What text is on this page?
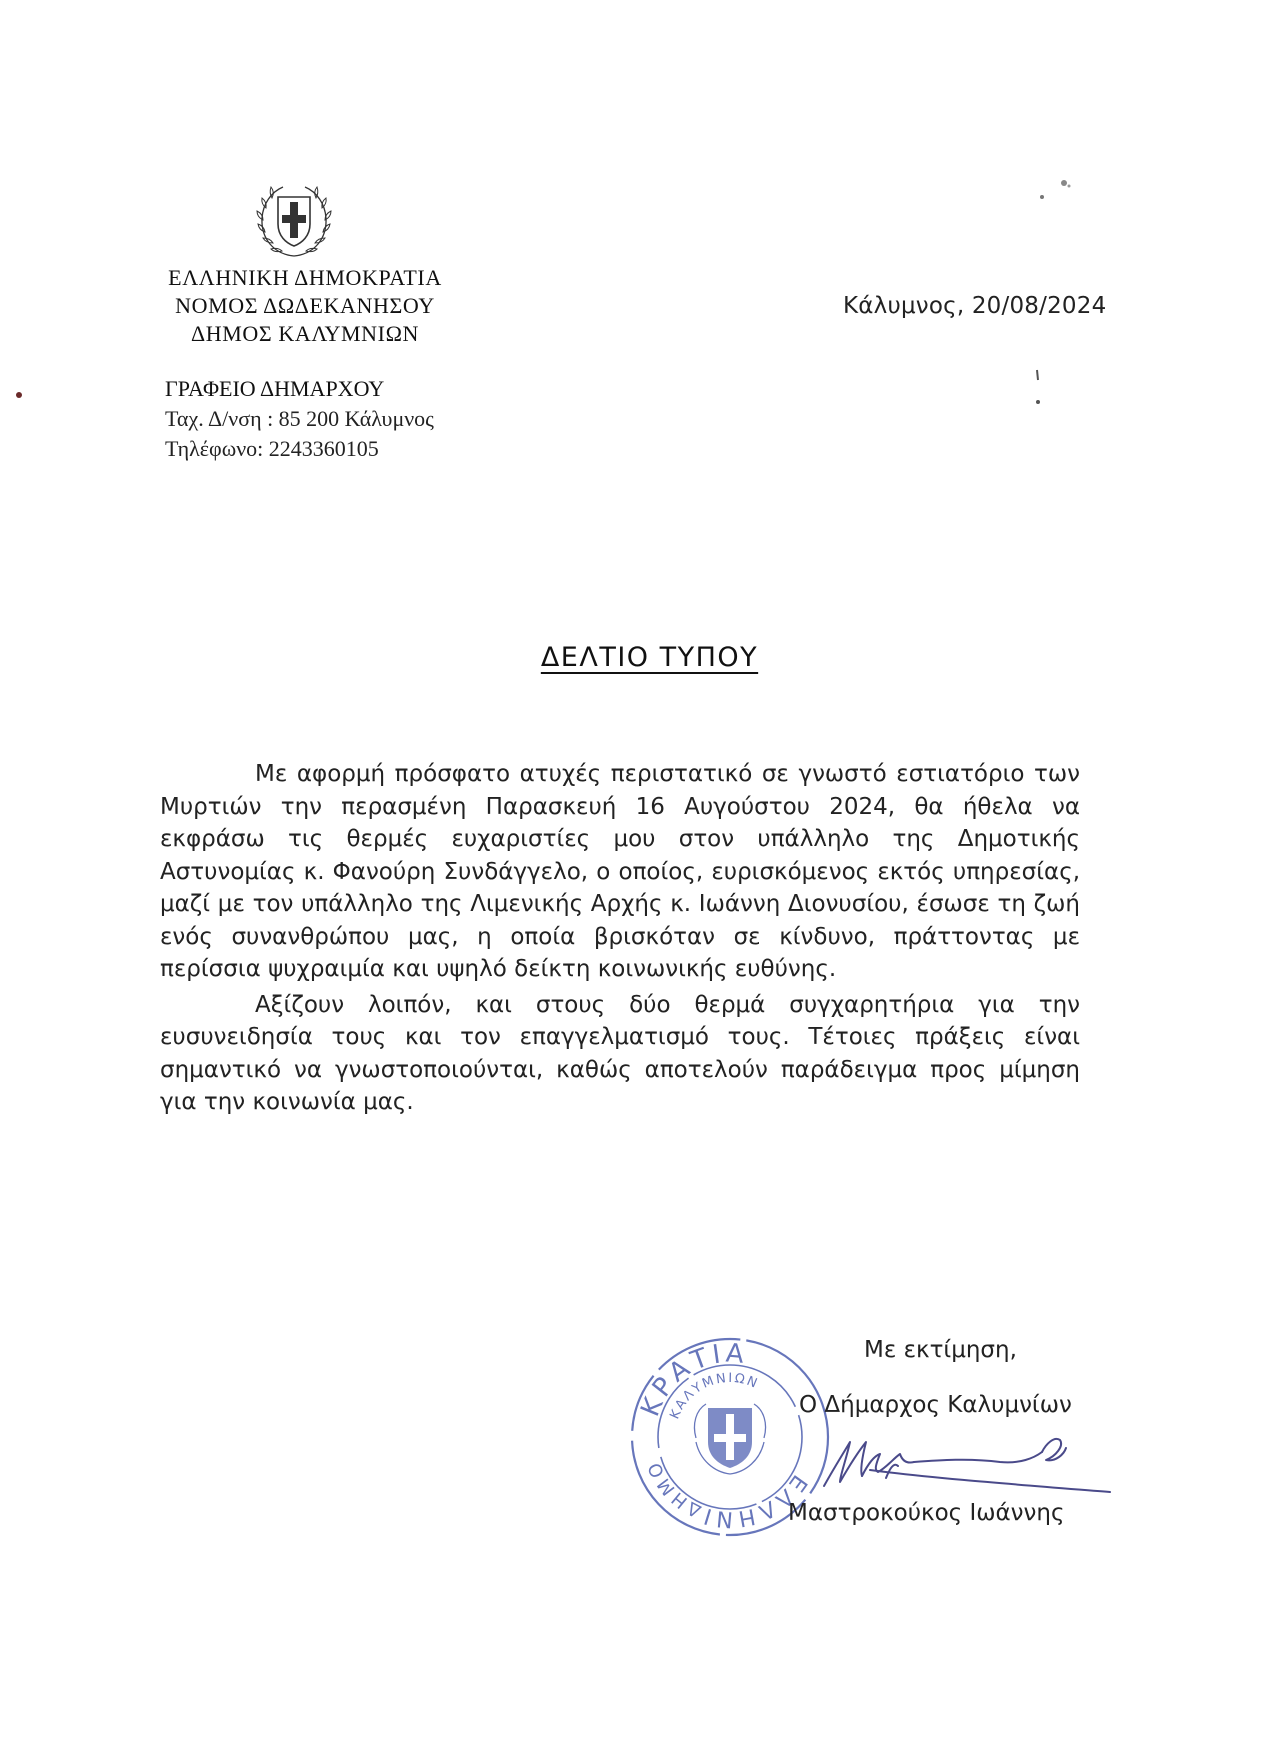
ΕΛΛΗΝΙΚΗ ΔΗΜΟΚΡΑΤΙΑ
ΝΟΜΟΣ ΔΩΔΕΚΑΝΗΣΟΥ
ΔΗΜΟΣ ΚΑΛΥΜΝΙΩΝ
ΓΡΑΦΕΙΟ ΔΗΜΑΡΧΟΥ
Ταχ. Δ/νση : 85 200 Κάλυμνος
Τηλέφωνο: 2243360105
Κάλυμνος, 20/08/2024
ΔΕΛΤΙΟ ΤΥΠΟΥ

Με αφορμή πρόσφατο ατυχές περιστατικό σε γνωστό εστιατόριο των Μυρτιών την περασμένη Παρασκευή 16 Αυγούστου 2024, θα ήθελα να εκφράσω τις θερμές ευχαριστίες μου στον υπάλληλο της Δημοτικής Αστυνομίας κ. Φανούρη Συνδάγγελο, ο οποίος, ευρισκόμενος εκτός υπηρεσίας, μαζί με τον υπάλληλο της Λιμενικής Αρχής κ. Ιωάννη Διονυσίου, έσωσε τη ζωή ενός συνανθρώπου μας, η οποία βρισκόταν σε κίνδυνο, πράττοντας με περίσσια ψυχραιμία και υψηλό δείκτη κοινωνικής ευθύνης.

Αξίζουν λοιπόν, και στους δύο θερμά συγχαρητήρια για την ευσυνειδησία τους και τον επαγγελματισμό τους. Τέτοιες πράξεις είναι σημαντικό να γνωστοποιούνται, καθώς αποτελούν παράδειγμα προς μίμηση για την κοινωνία μας.

ΚΡΑΤΙΑ
ΚΑΛΥΜΝΙΩΝ
ΕΛΛΗΝΙ
ΔΗΜΟ
Με εκτίμηση,
Ο Δήμαρχος Καλυμνίων
Μαστροκούκος Ιωάννης
